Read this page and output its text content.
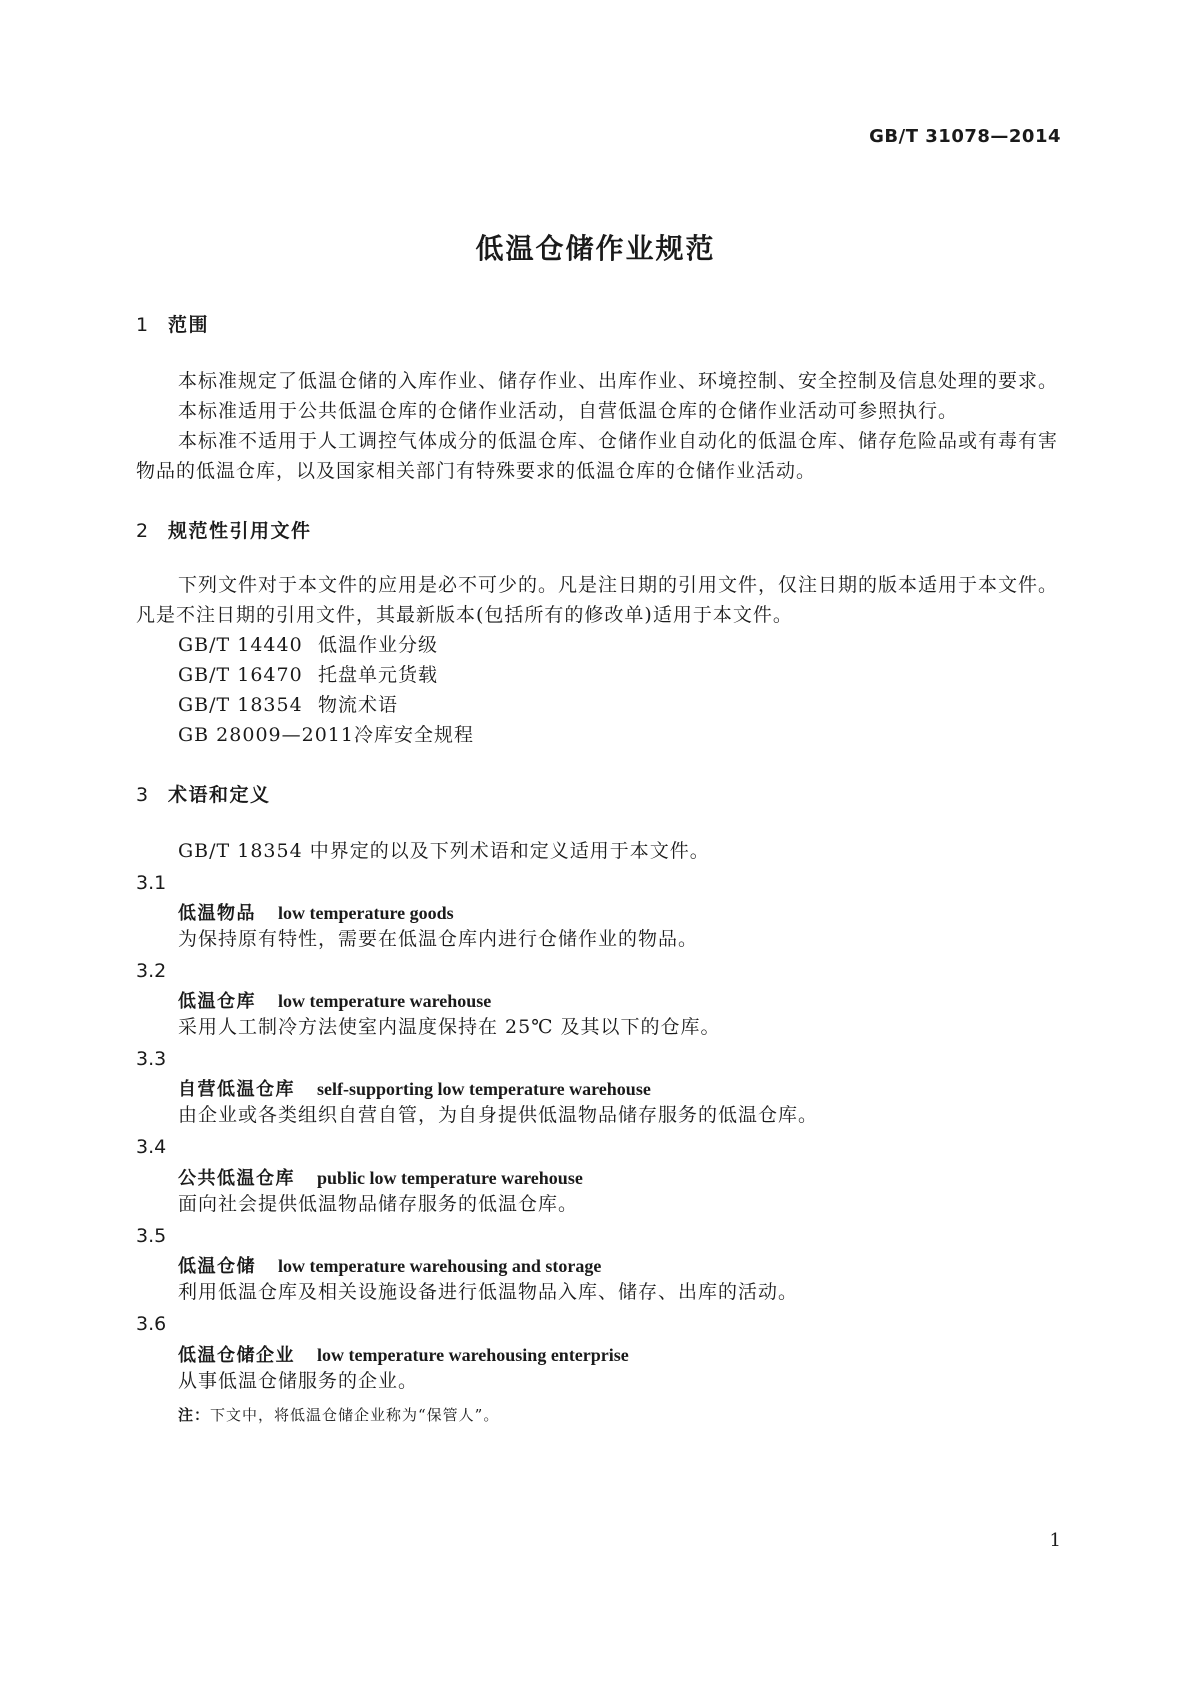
GB/T 31078—2014
低温仓储作业规范
1 范围
本标准规定了低温仓储的入库作业、储存作业、出库作业、环境控制、安全控制及信息处理的要求。
本标准适用于公共低温仓库的仓储作业活动，自营低温仓库的仓储作业活动可参照执行。
本标准不适用于人工调控气体成分的低温仓库、仓储作业自动化的低温仓库、储存危险品或有毒有害物品的低温仓库，以及国家相关部门有特殊要求的低温仓库的仓储作业活动。
2 规范性引用文件
下列文件对于本文件的应用是必不可少的。凡是注日期的引用文件，仅注日期的版本适用于本文件。凡是不注日期的引用文件，其最新版本(包括所有的修改单)适用于本文件。
GB/T 14440 低温作业分级
GB/T 16470 托盘单元货载
GB/T 18354 物流术语
GB 28009—2011冷库安全规程
3 术语和定义
GB/T 18354 中界定的以及下列术语和定义适用于本文件。
3.1
低温物品 low temperature goods
为保持原有特性，需要在低温仓库内进行仓储作业的物品。
3.2
低温仓库 low temperature warehouse
采用人工制冷方法使室内温度保持在 25℃ 及其以下的仓库。
3.3
自营低温仓库 self-supporting low temperature warehouse
由企业或各类组织自营自管，为自身提供低温物品储存服务的低温仓库。
3.4
公共低温仓库 public low temperature warehouse
面向社会提供低温物品储存服务的低温仓库。
3.5
低温仓储 low temperature warehousing and storage
利用低温仓库及相关设施设备进行低温物品入库、储存、出库的活动。
3.6
低温仓储企业 low temperature warehousing enterprise
从事低温仓储服务的企业。
注：下文中，将低温仓储企业称为“保管人”。
1
